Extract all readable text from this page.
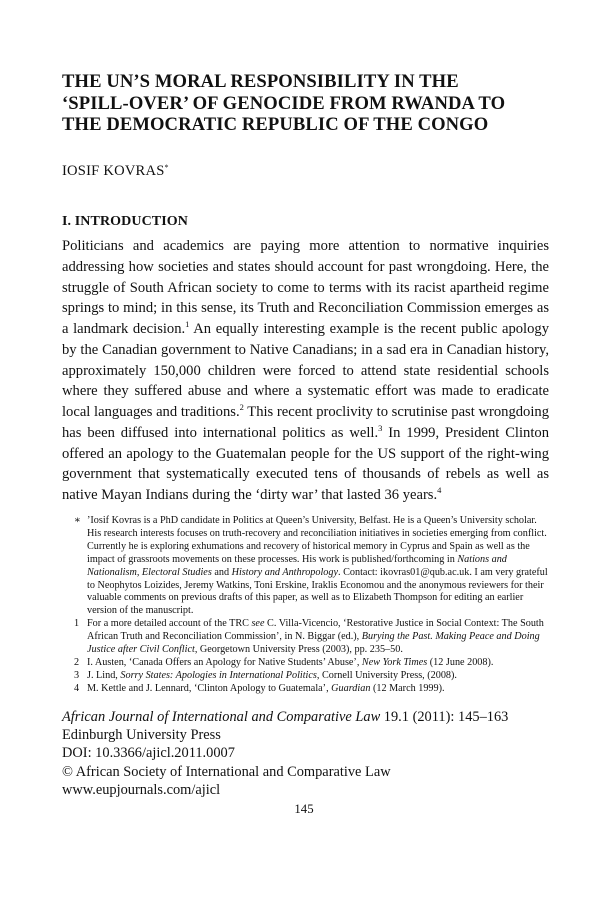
THE UN’S MORAL RESPONSIBILITY IN THE
‘SPILL-OVER’ OF GENOCIDE FROM RWANDA TO
THE DEMOCRATIC REPUBLIC OF THE CONGO
IOSIF KOVRAS*
I. INTRODUCTION

Politicians and academics are paying more attention to normative inquiries addressing how societies and states should account for past wrongdoing. Here, the struggle of South African society to come to terms with its racist apartheid regime springs to mind; in this sense, its Truth and Reconciliation Commission emerges as a landmark decision.$^1$ An equally interesting example is the recent public apology by the Canadian government to Native Canadians; in a sad era in Canadian history, approximately 150,000 children were forced to attend state residential schools where they suffered abuse and where a systematic effort was made to eradicate local languages and traditions.$^2$ This recent proclivity to scrutinise past wrongdoing has been diffused into international politics as well.$^3$ In 1999, President Clinton offered an apology to the Guatemalan people for the US support of the right-wing government that systematically executed tens of thousands of rebels as well as native Mayan Indians during the ‘dirty war’ that lasted 36 years.$^4$

∗ ’Iosif Kovras is a PhD candidate in Politics at Queen’s University, Belfast. He is a Queen’s University scholar. His research interests focuses on truth-recovery and reconciliation initiatives in societies emerging from conflict. Currently he is exploring exhumations and recovery of historical memory in Cyprus and Spain as well as the impact of grassroots movements on these processes. His work is published/forthcoming in Nations and Nationalism, Electoral Studies and History and Anthropology. Contact: ikovras01@qub.ac.uk. I am very grateful to Neophytos Loizides, Jeremy Watkins, Toni Erskine, Iraklis Economou and the anonymous reviewers for their valuable comments on previous drafts of this paper, as well as to Elizabeth Thompson for editing an earlier version of the manuscript.
1 For a more detailed account of the TRC see C. Villa-Vicencio, ‘Restorative Justice in Social Context: The South African Truth and Reconciliation Commission’, in N. Biggar (ed.), Burying the Past. Making Peace and Doing Justice after Civil Conflict, Georgetown University Press (2003), pp. 235–50.
2 I. Austen, ‘Canada Offers an Apology for Native Students’ Abuse’, New York Times (12 June 2008).
3 J. Lind, Sorry States: Apologies in International Politics, Cornell University Press, (2008).
4 M. Kettle and J. Lennard, ‘Clinton Apology to Guatemala’, Guardian (12 March 1999).
African Journal of International and Comparative Law 19.1 (2011): 145–163
Edinburgh University Press
DOI: 10.3366/ajicl.2011.0007
© African Society of International and Comparative Law
www.eupjournals.com/ajicl
145
